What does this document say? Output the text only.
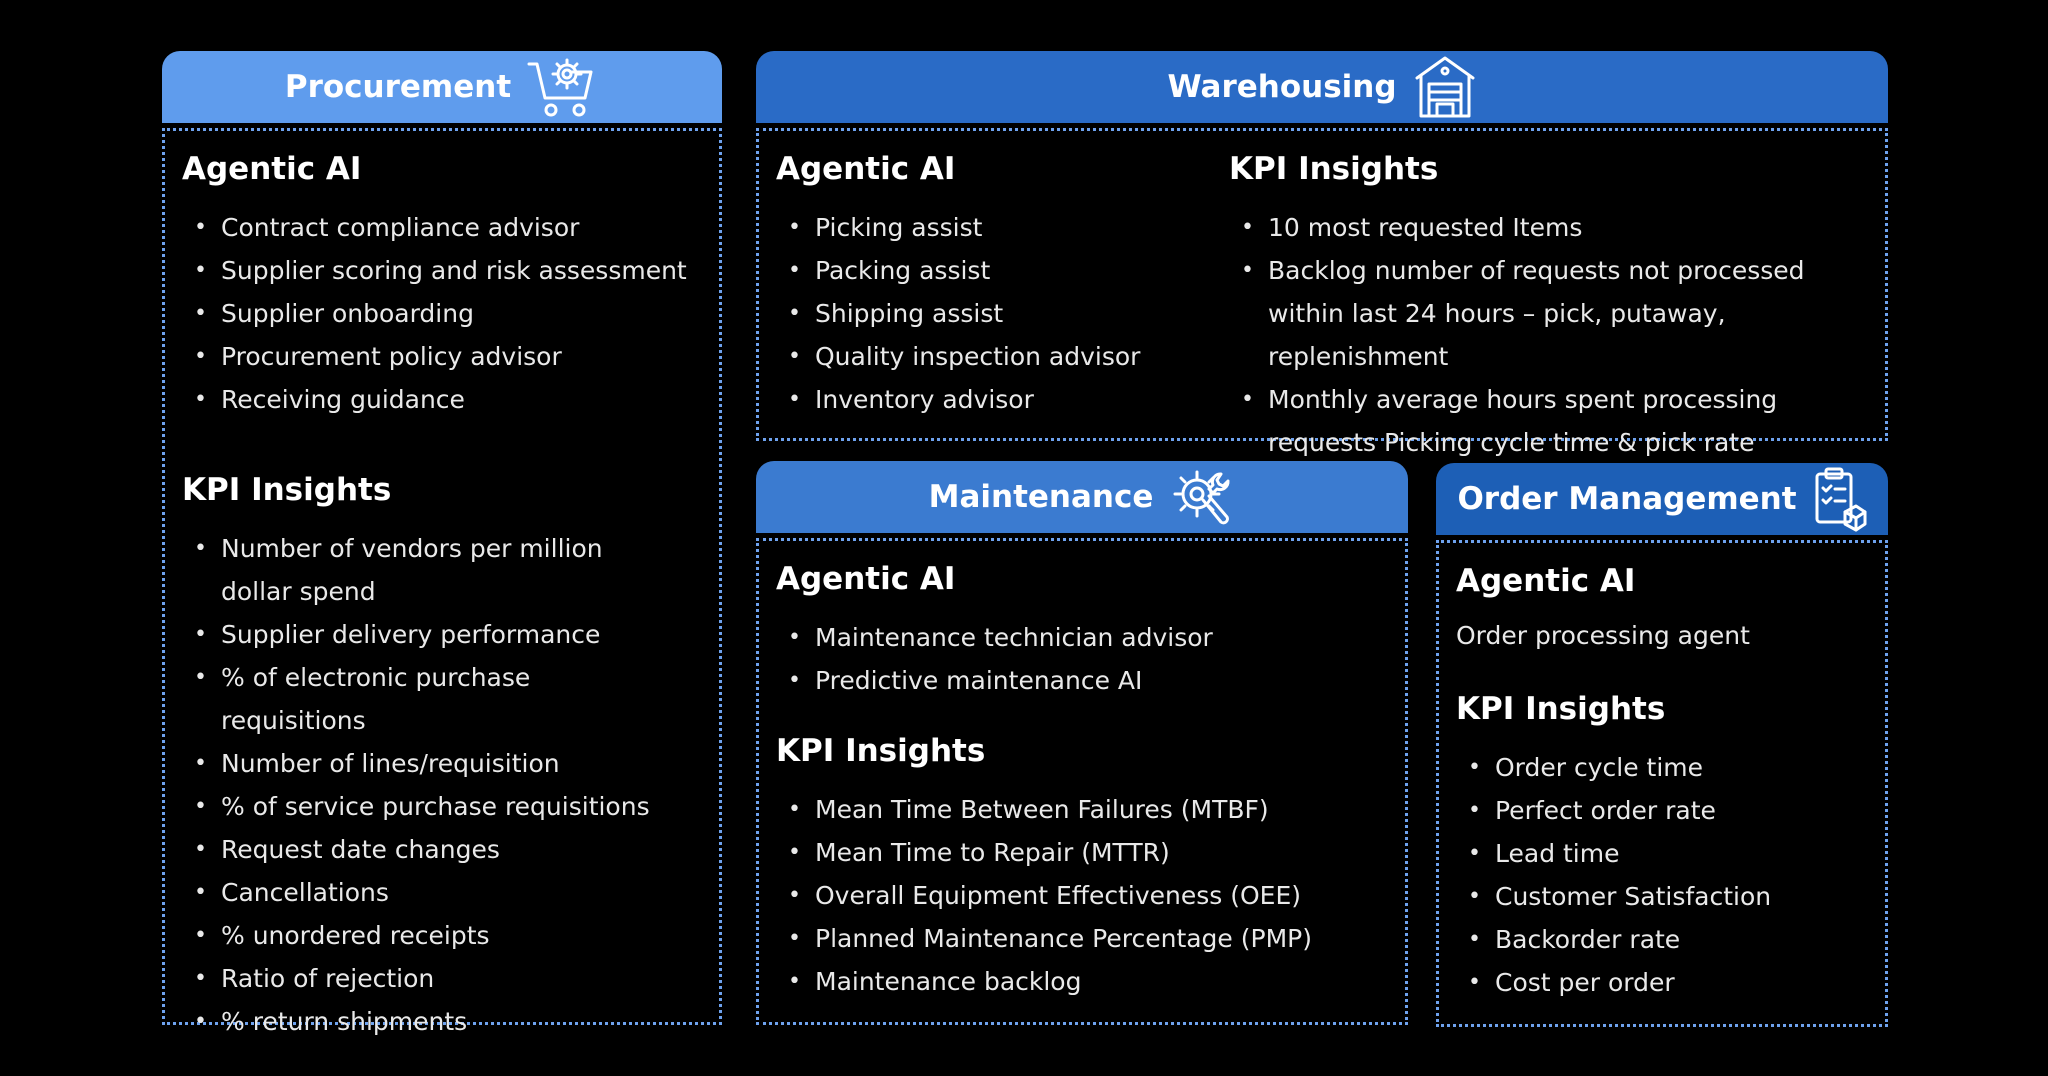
Procurement
Agentic AI
• Contract compliance advisor
• Supplier scoring and risk assessment
• Supplier onboarding
• Procurement policy advisor
• Receiving guidance
KPI Insights
• Number of vendors per million dollar spend
• Supplier delivery performance
• % of electronic purchase requisitions
• Number of lines/requisition
• % of service purchase requisitions
• Request date changes
• Cancellations
• % unordered receipts
• Ratio of rejection
• % return shipments
Warehousing
Agentic AI
• Picking assist
• Packing assist
• Shipping assist
• Quality inspection advisor
• Inventory advisor
KPI Insights
• 10 most requested Items
• Backlog number of requests not processed within last 24 hours – pick, putaway, replenishment
• Monthly average hours spent processing requests Picking cycle time & pick rate
Maintenance
Agentic AI
• Maintenance technician advisor
• Predictive maintenance AI
KPI Insights
• Mean Time Between Failures (MTBF)
• Mean Time to Repair (MTTR)
• Overall Equipment Effectiveness (OEE)
• Planned Maintenance Percentage (PMP)
• Maintenance backlog
Order Management
Agentic AI
Order processing agent
KPI Insights
• Order cycle time
• Perfect order rate
• Lead time
• Customer Satisfaction
• Backorder rate
• Cost per order
